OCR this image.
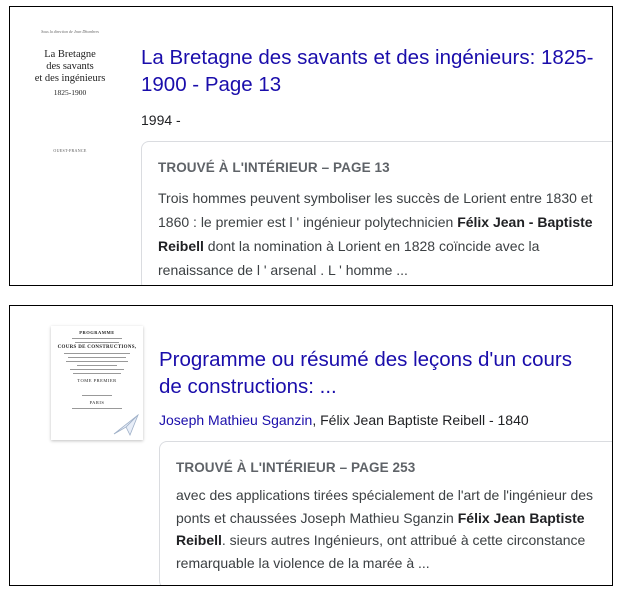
Sous la direction de Jean Dhombres
La Bretagne
des savants
et des ingénieurs
1825-1900
OUEST-FRANCE
La Bretagne des savants et des ingénieurs: 1825-1900 - Page 13
1994 -
TROUVÉ À L'INTÉRIEUR – PAGE 13
Trois hommes peuvent symboliser les succès de Lorient entre 1830 et 1860 : le premier est l ' ingénieur polytechnicien Félix Jean - Baptiste Reibell dont la nomination à Lorient en 1828 coïncide avec la renaissance de l ' arsenal . L ' homme ...
PROGRAMME
COURS DE CONSTRUCTIONS,
TOME PREMIER
PARIS
Programme ou résumé des leçons d'un cours de constructions: ...
Joseph Mathieu Sganzin, Félix Jean Baptiste Reibell - 1840
TROUVÉ À L'INTÉRIEUR – PAGE 253
avec des applications tirées spécialement de l'art de l'ingénieur des ponts et chaussées Joseph Mathieu Sganzin Félix Jean Baptiste Reibell. sieurs autres Ingénieurs, ont attribué à cette circonstance remarquable la violence de la marée à ...
